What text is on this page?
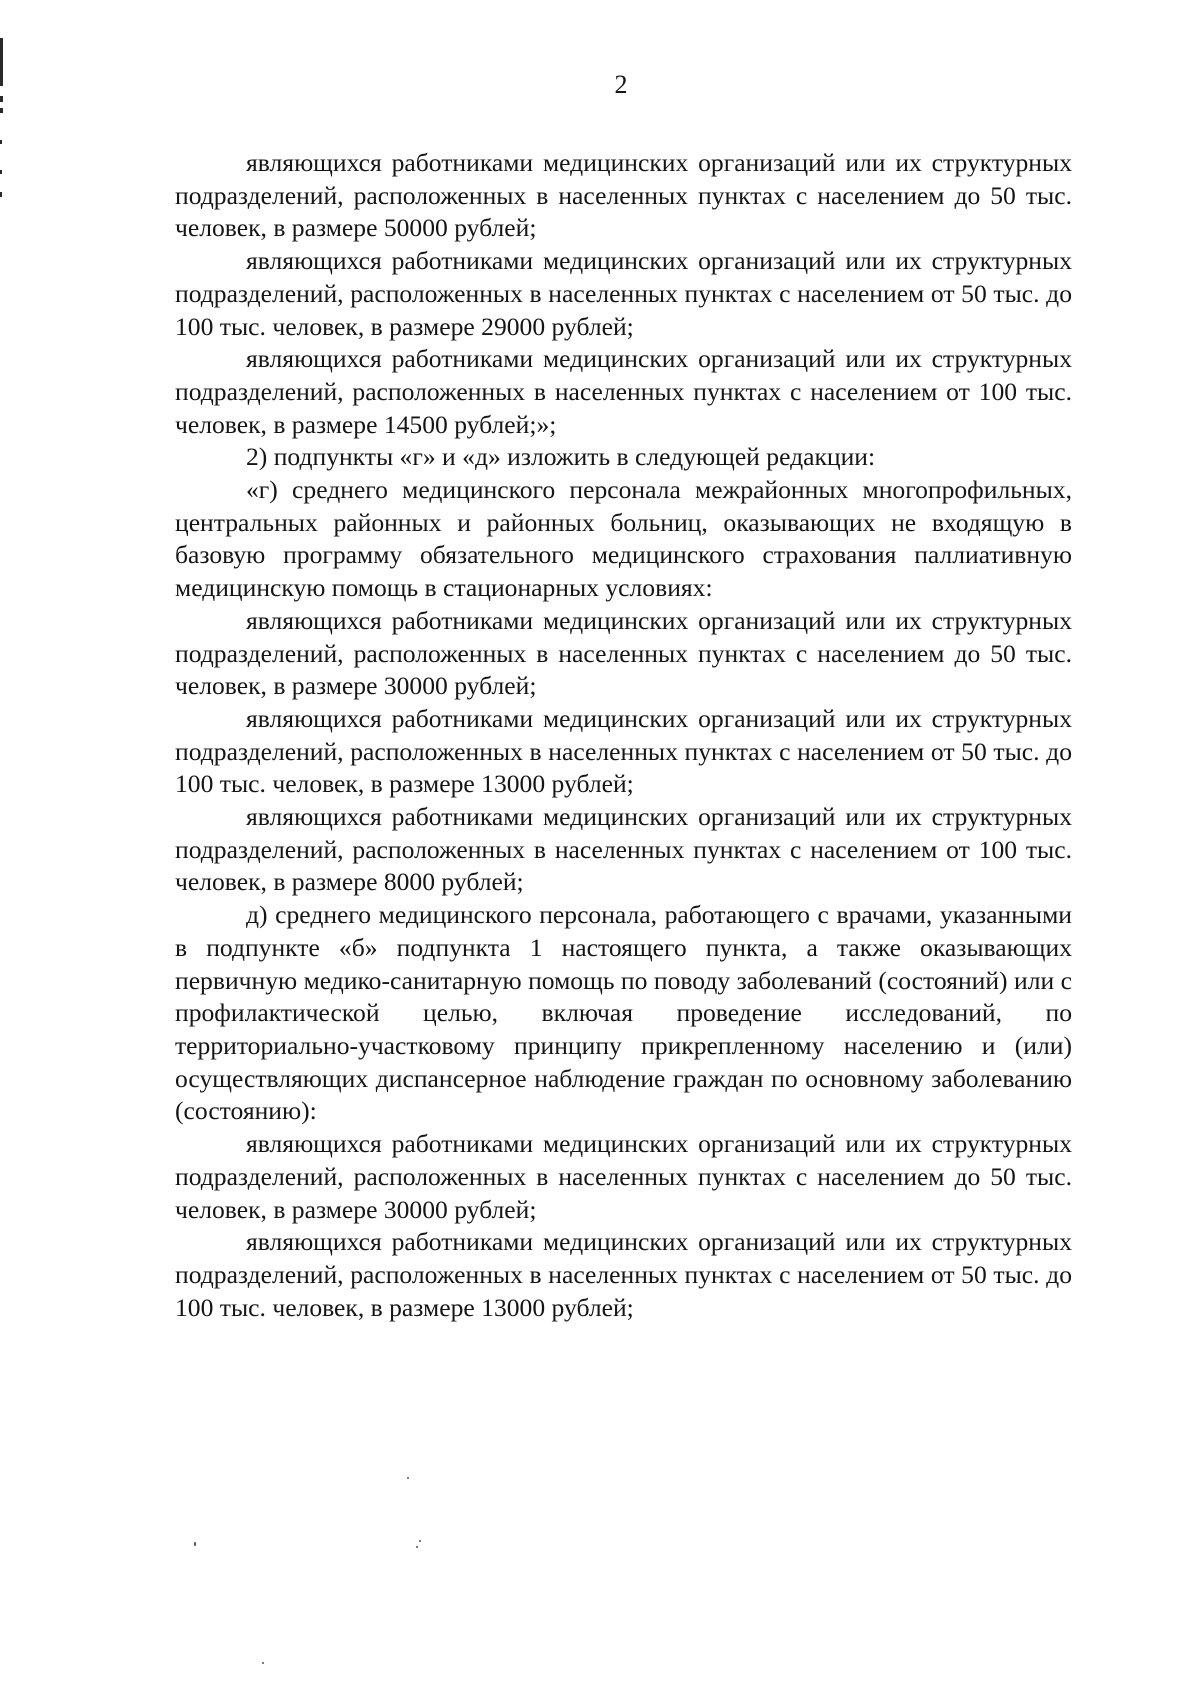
2

являющихся работниками медицинских организаций или их структурных подразделений, расположенных в населенных пунктах с населением до 50 тыс. человек, в размере 50000 рублей;

являющихся работниками медицинских организаций или их структурных подразделений, расположенных в населенных пунктах с населением от 50 тыс. до 100 тыс. человек, в размере 29000 рублей;

являющихся работниками медицинских организаций или их структурных подразделений, расположенных в населенных пунктах с населением от 100 тыс. человек, в размере 14500 рублей;»;

2) подпункты «г» и «д» изложить в следующей редакции:

«г) среднего медицинского персонала межрайонных многопрофильных, центральных районных и районных больниц, оказывающих не входящую в базовую программу обязательного медицинского страхования паллиативную медицинскую помощь в стационарных условиях:

являющихся работниками медицинских организаций или их структурных подразделений, расположенных в населенных пунктах с населением до 50 тыс. человек, в размере 30000 рублей;

являющихся работниками медицинских организаций или их структурных подразделений, расположенных в населенных пунктах с населением от 50 тыс. до 100 тыс. человек, в размере 13000 рублей;

являющихся работниками медицинских организаций или их структурных подразделений, расположенных в населенных пунктах с населением от 100 тыс. человек, в размере 8000 рублей;

д) среднего медицинского персонала, работающего с врачами, указанными в подпункте «б» подпункта 1 настоящего пункта, а также оказывающих первичную медико-санитарную помощь по поводу заболеваний (состояний) или с профилактической целью, включая проведение исследований, по территориально-участковому принципу прикрепленному населению и (или) осуществляющих диспансерное наблюдение граждан по основному заболеванию (состоянию):

являющихся работниками медицинских организаций или их структурных подразделений, расположенных в населенных пунктах с населением до 50 тыс. человек, в размере 30000 рублей;

являющихся работниками медицинских организаций или их структурных подразделений, расположенных в населенных пунктах с населением от 50 тыс. до 100 тыс. человек, в размере 13000 рублей;
